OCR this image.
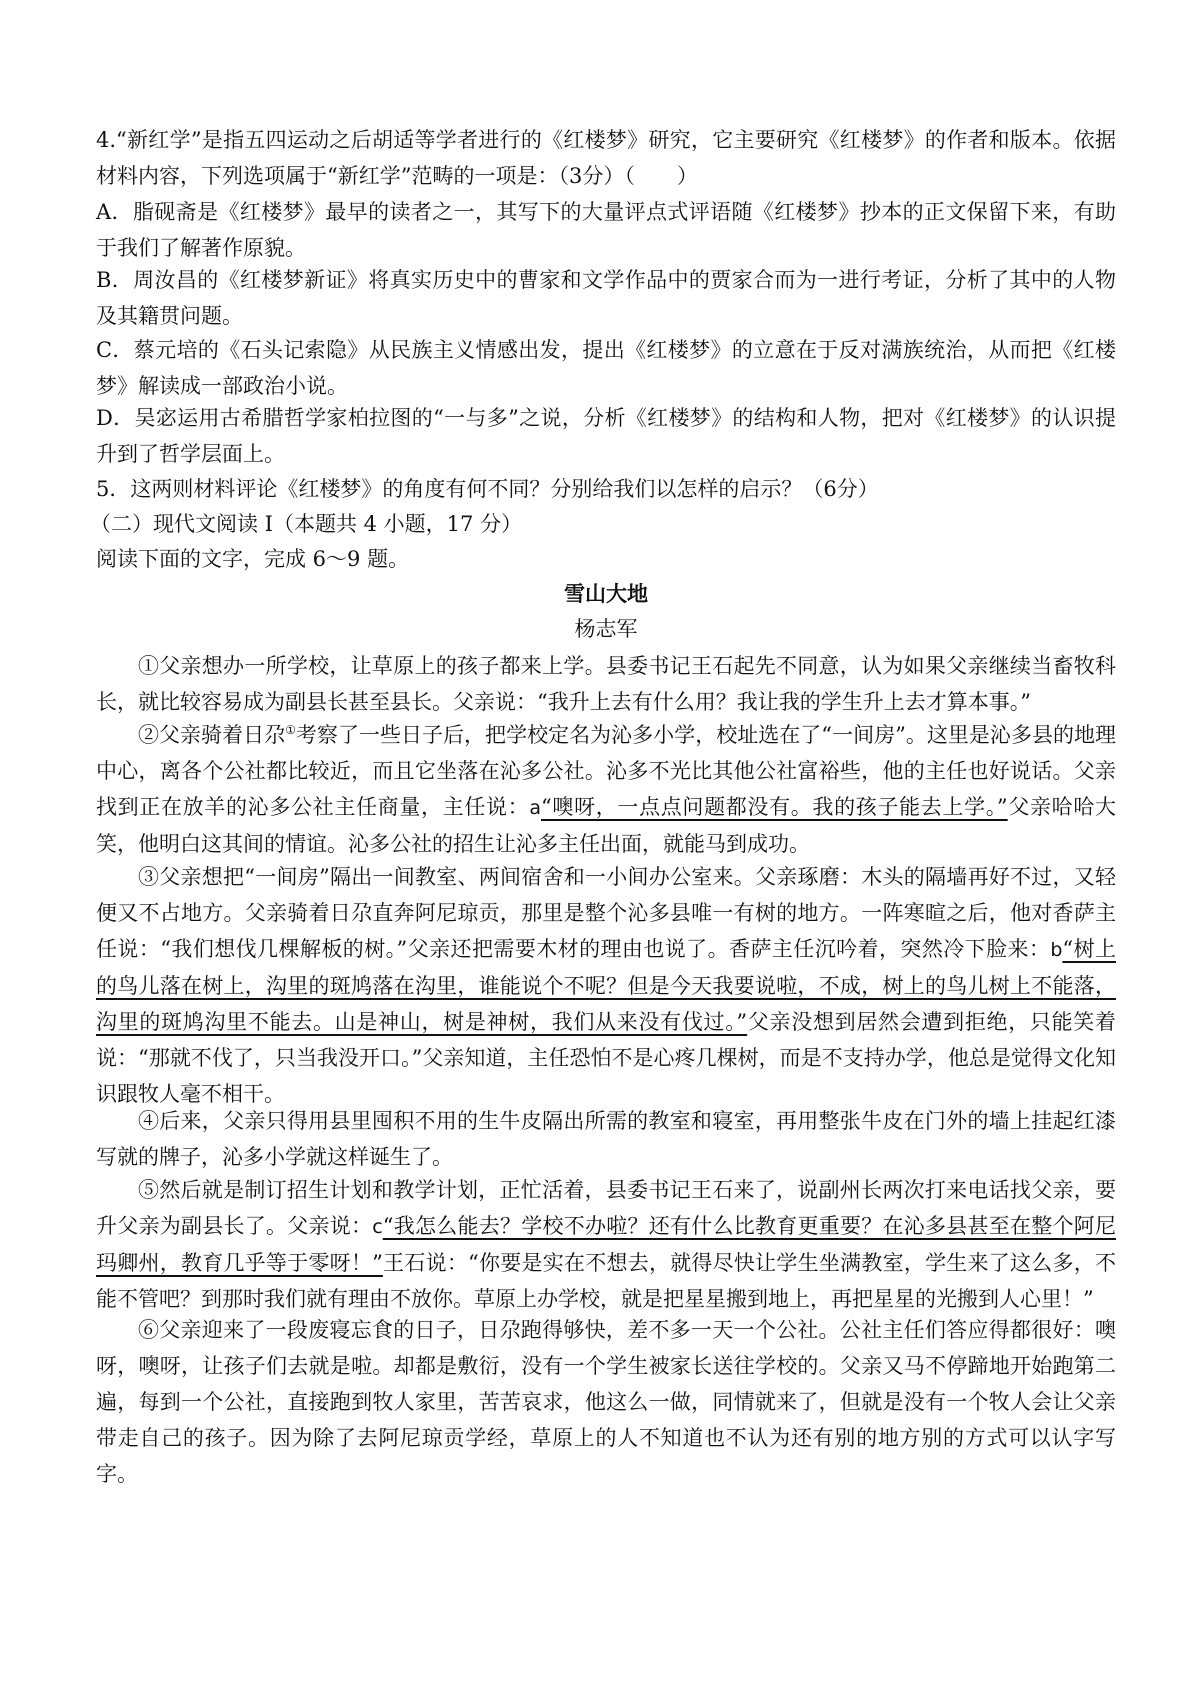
4.“新红学”是指五四运动之后胡适等学者进行的《红楼梦》研究，它主要研究《红楼梦》的作者和版本。依据材料内容，下列选项属于“新红学”范畴的一项是：（3分）（　　）
A．脂砚斋是《红楼梦》最早的读者之一，其写下的大量评点式评语随《红楼梦》抄本的正文保留下来，有助于我们了解著作原貌。
B．周汝昌的《红楼梦新证》将真实历史中的曹家和文学作品中的贾家合而为一进行考证，分析了其中的人物及其籍贯问题。
C．蔡元培的《石头记索隐》从民族主义情感出发，提出《红楼梦》的立意在于反对满族统治，从而把《红楼梦》解读成一部政治小说。
D．吴宓运用古希腊哲学家柏拉图的“一与多”之说，分析《红楼梦》的结构和人物，把对《红楼梦》的认识提升到了哲学层面上。
5．这两则材料评论《红楼梦》的角度有何不同？分别给我们以怎样的启示？（6分）
（二）现代文阅读 I（本题共 4 小题，17 分）
阅读下面的文字，完成 6～9 题。
雪山大地
杨志军
①父亲想办一所学校，让草原上的孩子都来上学。县委书记王石起先不同意，认为如果父亲继续当畜牧科长，就比较容易成为副县长甚至县长。父亲说：“我升上去有什么用？我让我的学生升上去才算本事。”
②父亲骑着日尕①考察了一些日子后，把学校定名为沁多小学，校址选在了“一间房”。这里是沁多县的地理中心，离各个公社都比较近，而且它坐落在沁多公社。沁多不光比其他公社富裕些，他的主任也好说话。父亲找到正在放羊的沁多公社主任商量，主任说：a“噢呀，一点点问题都没有。我的孩子能去上学。”父亲哈哈大笑，他明白这其间的情谊。沁多公社的招生让沁多主任出面，就能马到成功。
③父亲想把“一间房”隔出一间教室、两间宿舍和一小间办公室来。父亲琢磨：木头的隔墙再好不过，又轻便又不占地方。父亲骑着日尕直奔阿尼琼贡，那里是整个沁多县唯一有树的地方。一阵寒暄之后，他对香萨主任说：“我们想伐几棵解板的树。”父亲还把需要木材的理由也说了。香萨主任沉吟着，突然冷下脸来：b“树上的鸟儿落在树上，沟里的斑鸠落在沟里，谁能说个不呢？但是今天我要说啦，不成，树上的鸟儿树上不能落，沟里的斑鸠沟里不能去。山是神山，树是神树，我们从来没有伐过。”父亲没想到居然会遭到拒绝，只能笑着说：“那就不伐了，只当我没开口。”父亲知道，主任恐怕不是心疼几棵树，而是不支持办学，他总是觉得文化知识跟牧人毫不相干。
④后来，父亲只得用县里囤积不用的生牛皮隔出所需的教室和寝室，再用整张牛皮在门外的墙上挂起红漆写就的牌子，沁多小学就这样诞生了。
⑤然后就是制订招生计划和教学计划，正忙活着，县委书记王石来了，说副州长两次打来电话找父亲，要升父亲为副县长了。父亲说：c“我怎么能去？学校不办啦？还有什么比教育更重要？在沁多县甚至在整个阿尼玛卿州，教育几乎等于零呀！”王石说：“你要是实在不想去，就得尽快让学生坐满教室，学生来了这么多，不能不管吧？到那时我们就有理由不放你。草原上办学校，就是把星星搬到地上，再把星星的光搬到人心里！”
⑥父亲迎来了一段废寝忘食的日子，日尕跑得够快，差不多一天一个公社。公社主任们答应得都很好：噢呀，噢呀，让孩子们去就是啦。却都是敷衍，没有一个学生被家长送往学校的。父亲又马不停蹄地开始跑第二遍，每到一个公社，直接跑到牧人家里，苦苦哀求，他这么一做，同情就来了，但就是没有一个牧人会让父亲带走自己的孩子。因为除了去阿尼琼贡学经，草原上的人不知道也不认为还有别的地方别的方式可以认字写字。
